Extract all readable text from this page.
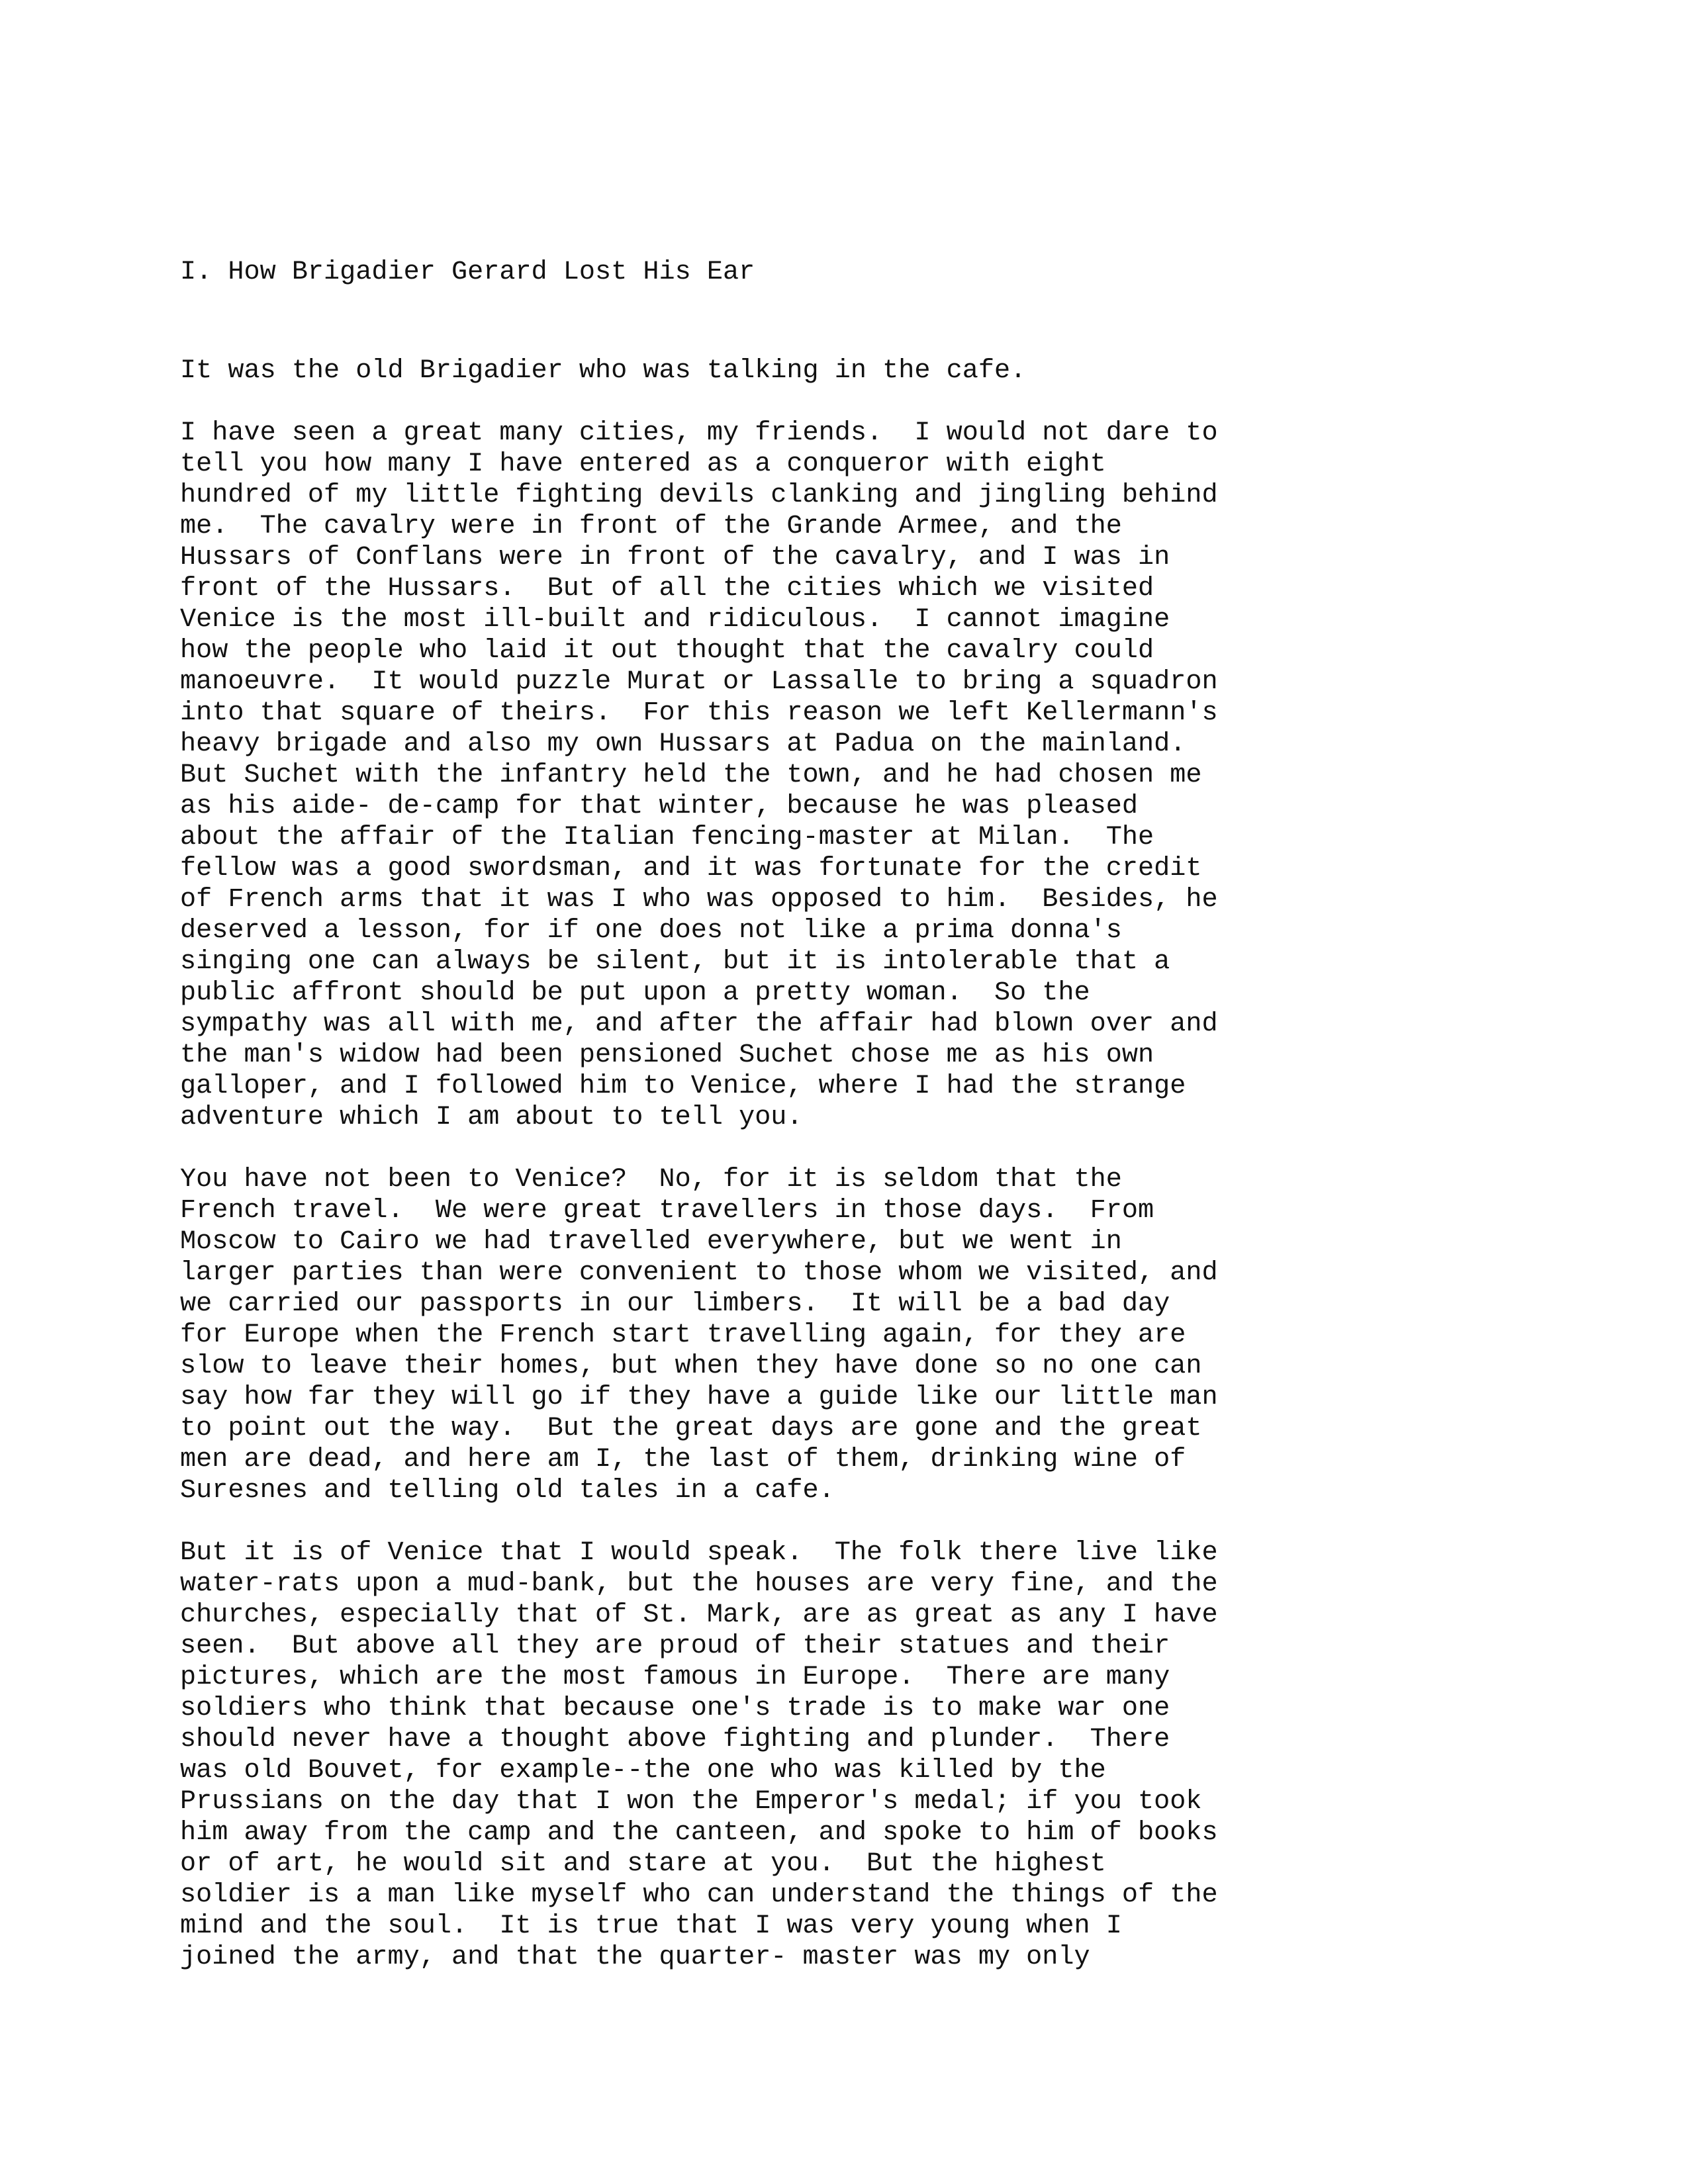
I. How Brigadier Gerard Lost His Ear
It was the old Brigadier who was talking in the cafe.
I have seen a great many cities, my friends.  I would not dare to
tell you how many I have entered as a conqueror with eight
hundred of my little fighting devils clanking and jingling behind
me.  The cavalry were in front of the Grande Armee, and the
Hussars of Conflans were in front of the cavalry, and I was in
front of the Hussars.  But of all the cities which we visited
Venice is the most ill-built and ridiculous.  I cannot imagine
how the people who laid it out thought that the cavalry could
manoeuvre.  It would puzzle Murat or Lassalle to bring a squadron
into that square of theirs.  For this reason we left Kellermann's
heavy brigade and also my own Hussars at Padua on the mainland.
But Suchet with the infantry held the town, and he had chosen me
as his aide- de-camp for that winter, because he was pleased
about the affair of the Italian fencing-master at Milan.  The
fellow was a good swordsman, and it was fortunate for the credit
of French arms that it was I who was opposed to him.  Besides, he
deserved a lesson, for if one does not like a prima donna's
singing one can always be silent, but it is intolerable that a
public affront should be put upon a pretty woman.  So the
sympathy was all with me, and after the affair had blown over and
the man's widow had been pensioned Suchet chose me as his own
galloper, and I followed him to Venice, where I had the strange
adventure which I am about to tell you.
You have not been to Venice?  No, for it is seldom that the
French travel.  We were great travellers in those days.  From
Moscow to Cairo we had travelled everywhere, but we went in
larger parties than were convenient to those whom we visited, and
we carried our passports in our limbers.  It will be a bad day
for Europe when the French start travelling again, for they are
slow to leave their homes, but when they have done so no one can
say how far they will go if they have a guide like our little man
to point out the way.  But the great days are gone and the great
men are dead, and here am I, the last of them, drinking wine of
Suresnes and telling old tales in a cafe.
But it is of Venice that I would speak.  The folk there live like
water-rats upon a mud-bank, but the houses are very fine, and the
churches, especially that of St. Mark, are as great as any I have
seen.  But above all they are proud of their statues and their
pictures, which are the most famous in Europe.  There are many
soldiers who think that because one's trade is to make war one
should never have a thought above fighting and plunder.  There
was old Bouvet, for example--the one who was killed by the
Prussians on the day that I won the Emperor's medal; if you took
him away from the camp and the canteen, and spoke to him of books
or of art, he would sit and stare at you.  But the highest
soldier is a man like myself who can understand the things of the
mind and the soul.  It is true that I was very young when I
joined the army, and that the quarter- master was my only
